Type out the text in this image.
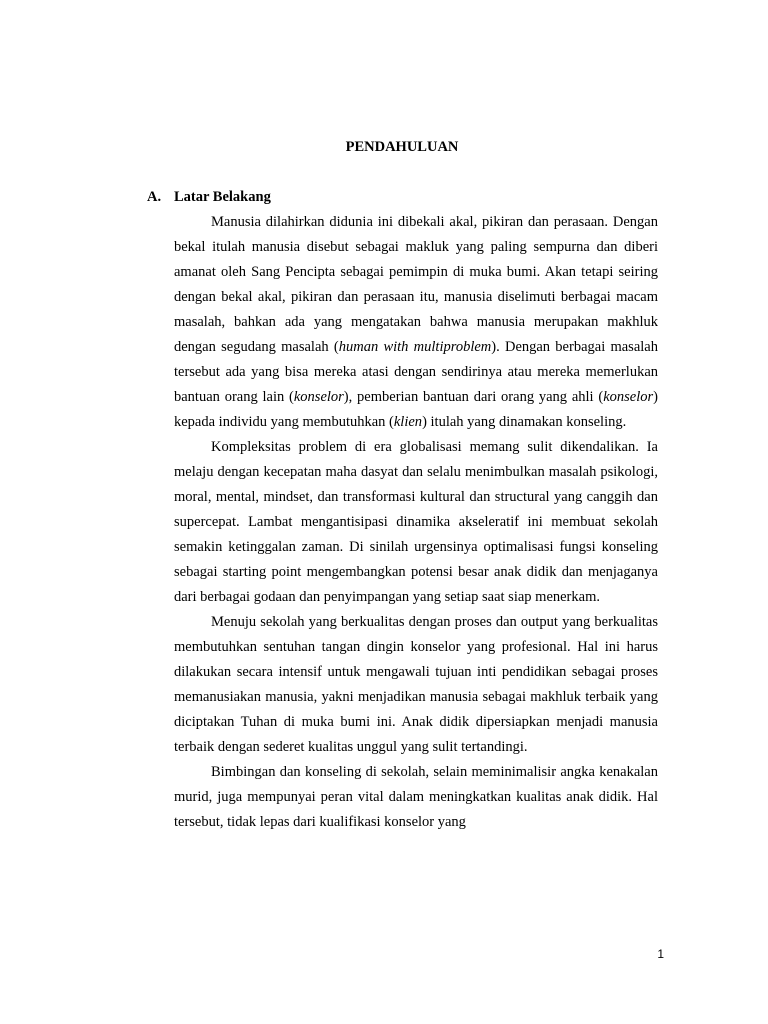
PENDAHULUAN
A. Latar Belakang

Manusia dilahirkan didunia ini dibekali akal, pikiran dan perasaan. Dengan bekal itulah manusia disebut sebagai makluk yang paling sempurna dan diberi amanat oleh Sang Pencipta sebagai pemimpin di muka bumi. Akan tetapi seiring dengan bekal akal, pikiran dan perasaan itu, manusia diselimuti berbagai macam masalah, bahkan ada yang mengatakan bahwa manusia merupakan makhluk dengan segudang masalah (human with multiproblem). Dengan berbagai masalah tersebut ada yang bisa mereka atasi dengan sendirinya atau mereka memerlukan bantuan orang lain (konselor), pemberian bantuan dari orang yang ahli (konselor) kepada individu yang membutuhkan (klien) itulah yang dinamakan konseling.

Kompleksitas problem di era globalisasi memang sulit dikendalikan. Ia melaju dengan kecepatan maha dasyat dan selalu menimbulkan masalah psikologi, moral, mental, mindset, dan transformasi kultural dan structural yang canggih dan supercepat. Lambat mengantisipasi dinamika akseleratif ini membuat sekolah semakin ketinggalan zaman. Di sinilah urgensinya optimalisasi fungsi konseling sebagai starting point mengembangkan potensi besar anak didik dan menjaganya dari berbagai godaan dan penyimpangan yang setiap saat siap menerkam.

Menuju sekolah yang berkualitas dengan proses dan output yang berkualitas membutuhkan sentuhan tangan dingin konselor yang profesional. Hal ini harus dilakukan secara intensif untuk mengawali tujuan inti pendidikan sebagai proses memanusiakan manusia, yakni menjadikan manusia sebagai makhluk terbaik yang diciptakan Tuhan di muka bumi ini. Anak didik dipersiapkan menjadi manusia terbaik dengan sederet kualitas unggul yang sulit tertandingi.

Bimbingan dan konseling di sekolah, selain meminimalisir angka kenakalan murid, juga mempunyai peran vital dalam meningkatkan kualitas anak didik. Hal tersebut, tidak lepas dari kualifikasi konselor yang

1
